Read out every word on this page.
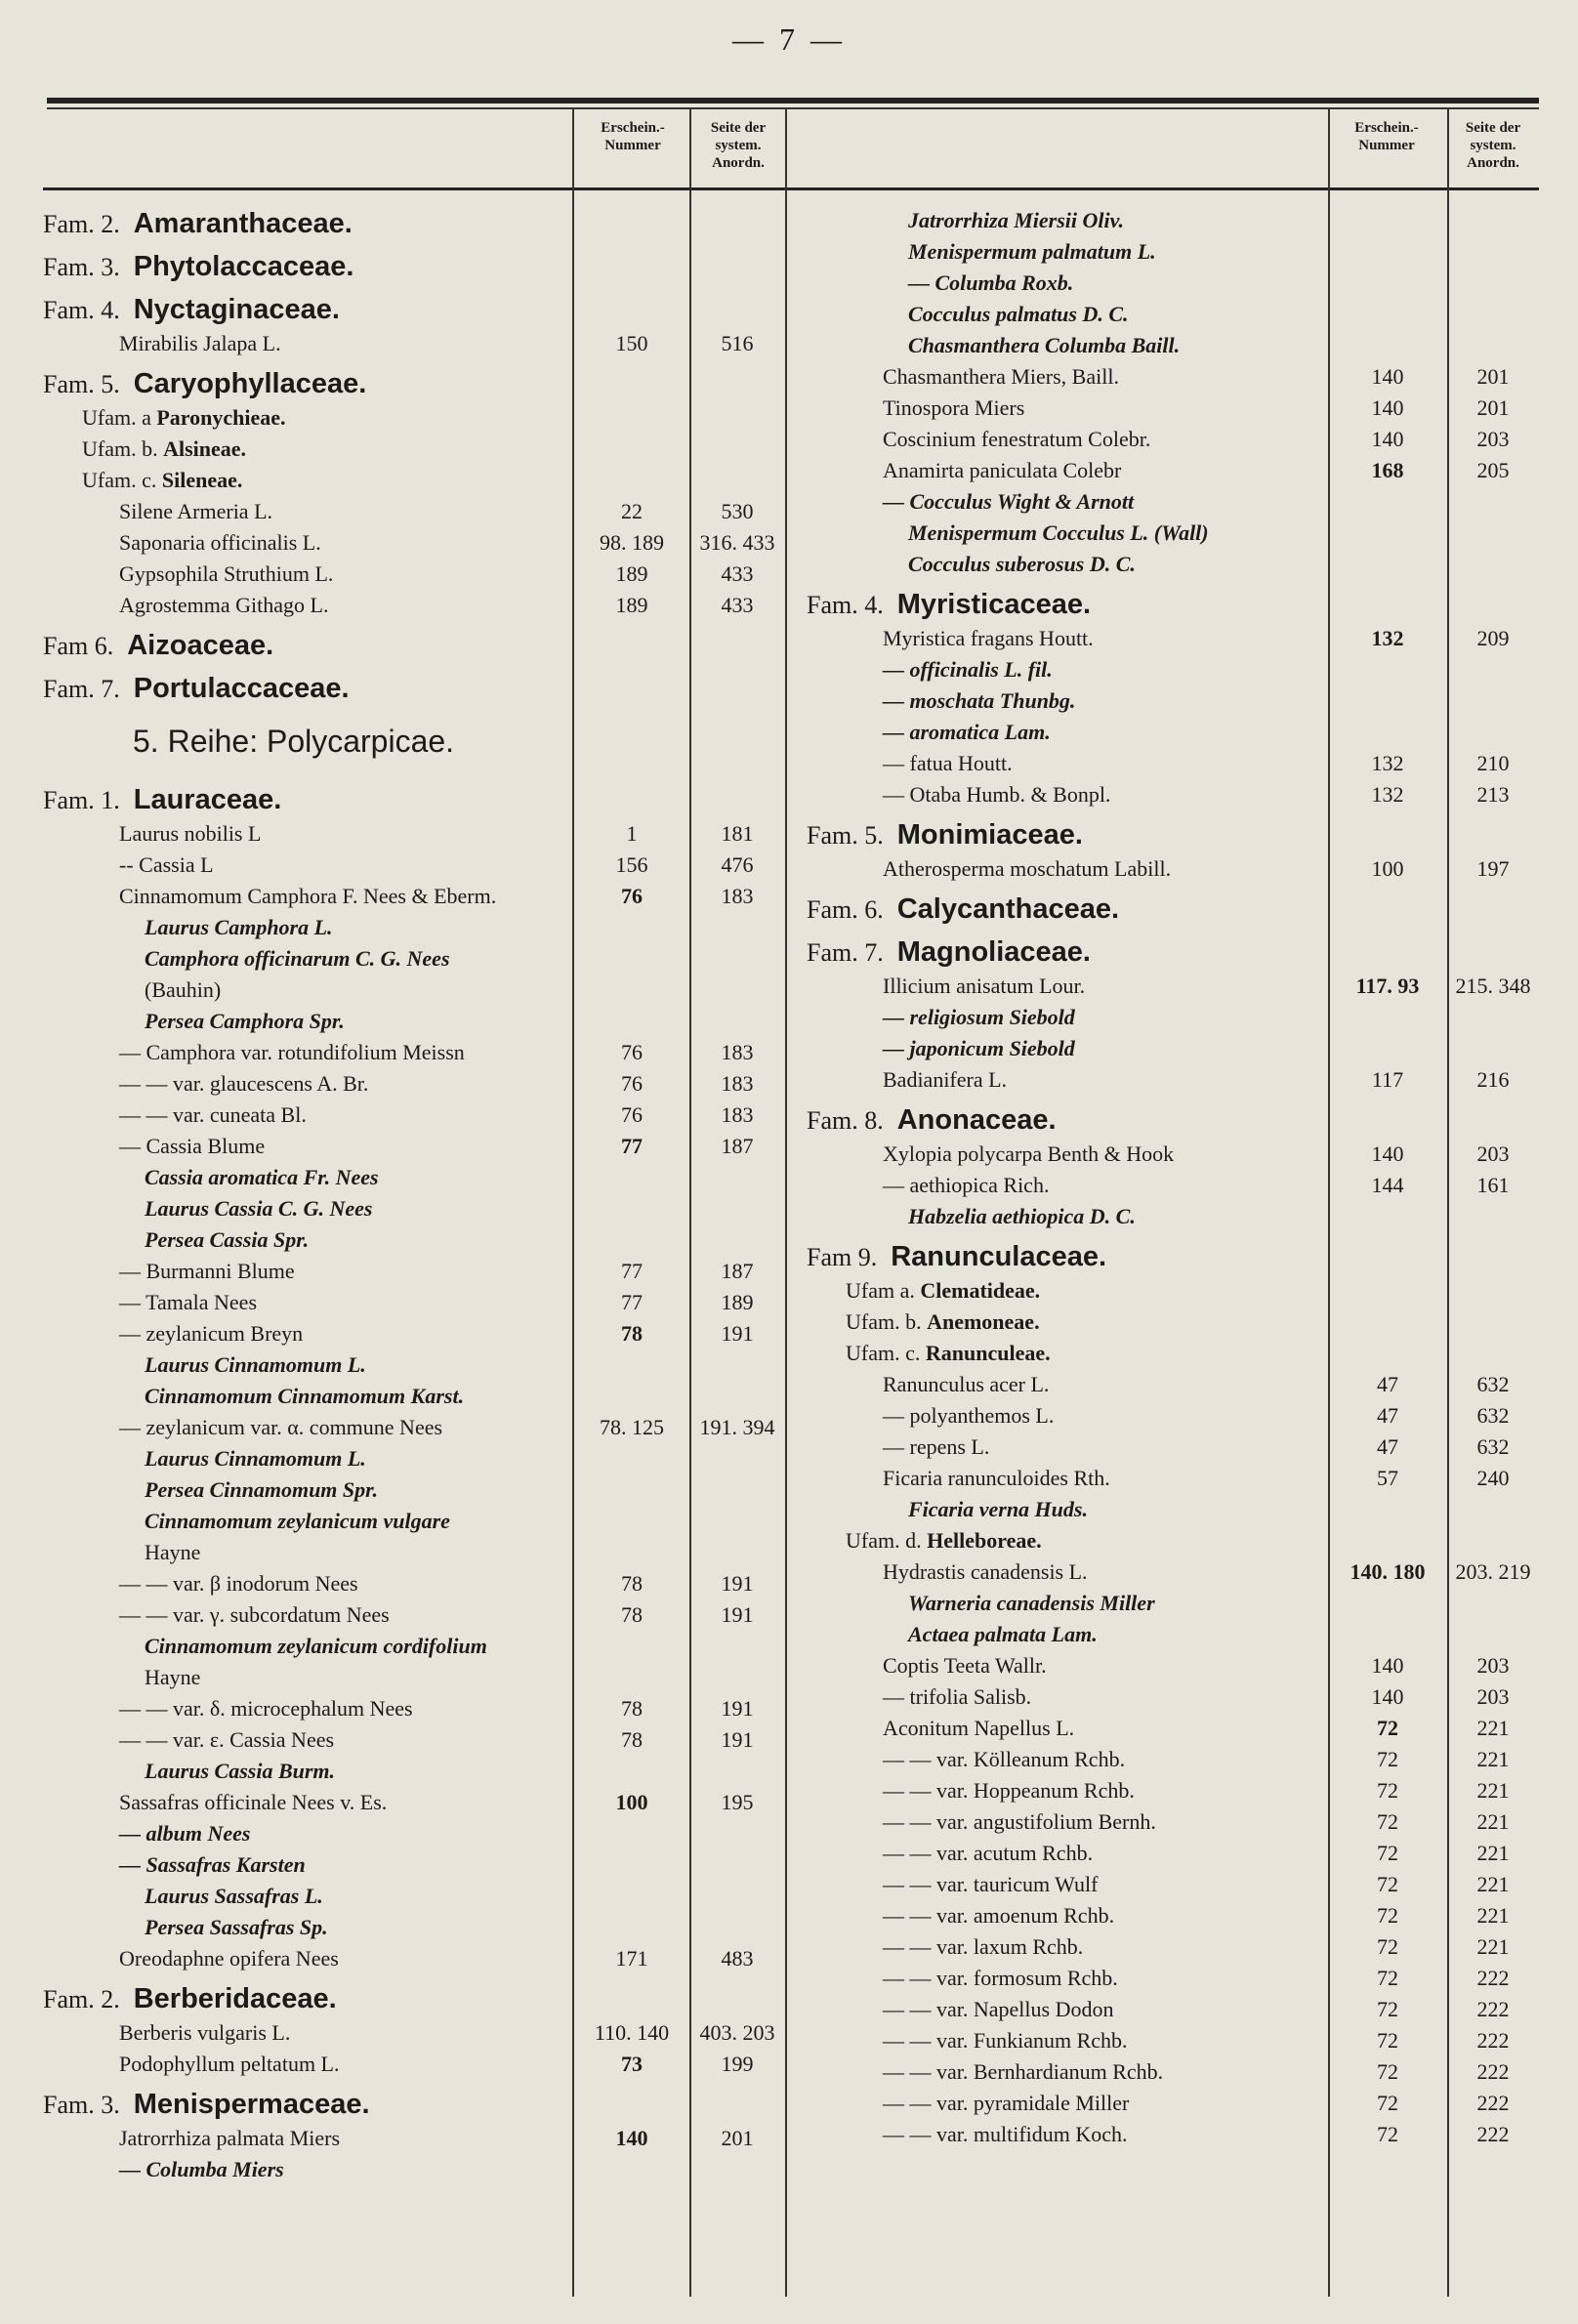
— 7 —
Erschein.- Nummer
Seite der system. Anordn.
Erschein.- Nummer
Seite der system. Anordn.
Fam. 2. Amaranthaceae.
Fam. 3. Phytolaccaceae.
Fam. 4. Nyctaginaceae.
Mirabilis Jalapa L.	150	516
Fam. 5. Caryophyllaceae.
Ufam. a Paronychieae.
Ufam. b. Alsineae.
Ufam. c. Sileneae.
Silene Armeria L.	22	530
Saponaria officinalis L.	98. 189	316. 433
Gypsophila Struthium L.	189	433
Agrostemma Githago L.	189	433
Fam 6. Aizoaceae.
Fam. 7. Portulaccaceae.
5. Reihe: Polycarpicae.
Fam. 1. Lauraceae.
Laurus nobilis L	1	181
-- Cassia L	156	476
Cinnamomum Camphora F. Nees & Eberm.	76	183
Laurus Camphora L.
Camphora officinarum C. G. Nees
(Bauhin)
Persea Camphora Spr.
— Camphora var. rotundifolium Meissn	76	183
— — var. glaucescens A. Br.	76	183
— — var. cuneata Bl.	76	183
— Cassia Blume	77	187
Cassia aromatica Fr. Nees
Laurus Cassia C. G. Nees
Persea Cassia Spr.
— Burmanni Blume	77	187
— Tamala Nees	77	189
— zeylanicum Breyn	78	191
Laurus Cinnamomum L.
Cinnamomum Cinnamomum Karst.
— zeylanicum var. α. commune Nees	78. 125	191. 394
Laurus Cinnamomum L.
Persea Cinnamomum Spr.
Cinnamomum zeylanicum vulgare
Hayne
— — var. β inodorum Nees	78	191
— — var. γ. subcordatum Nees	78	191
Cinnamomum zeylanicum cordifolium
Hayne
— — var. δ. microcephalum Nees	78	191
— — var. ε. Cassia Nees	78	191
Laurus Cassia Burm.
Sassafras officinale Nees v. Es.	100	195
— album Nees
— Sassafras Karsten
Laurus Sassafras L.
Persea Sassafras Sp.
Oreodaphne opifera Nees	171	483
Fam. 2. Berberidaceae.
Berberis vulgaris L.	110. 140	403. 203
Podophyllum peltatum L.	73	199
Fam. 3. Menispermaceae.
Jatrorrhiza palmata Miers	140	201
— Columba Miers
Jatrorrhiza Miersii Oliv.
Menispermum palmatum L.
— Columba Roxb.
Cocculus palmatus D. C.
Chasmanthera Columba Baill.
Chasmanthera Miers, Baill.	140	201
Tinospora Miers	140	201
Coscinium fenestratum Colebr.	140	203
Anamirta paniculata Colebr	168	205
— Cocculus Wight & Arnott
Menispermum Cocculus L. (Wall)
Cocculus suberosus D. C.
Fam. 4. Myristicaceae.
Myristica fragans Houtt.	132	209
— officinalis L. fil.
— moschata Thunbg.
— aromatica Lam.
— fatua Houtt.	132	210
— Otaba Humb. & Bonpl.	132	213
Fam. 5. Monimiaceae.
Atherosperma moschatum Labill.	100	197
Fam. 6. Calycanthaceae.
Fam. 7. Magnoliaceae.
Illicium anisatum Lour.	117. 93	215. 348
— religiosum Siebold
— japonicum Siebold
Badianifera L.	117	216
Fam. 8. Anonaceae.
Xylopia polycarpa Benth & Hook	140	203
— aethiopica Rich.	144	161
Habzelia aethiopica D. C.
Fam 9. Ranunculaceae.
Ufam a. Clematideae.
Ufam. b. Anemoneae.
Ufam. c. Ranunculeae.
Ranunculus acer L.	47	632
— polyanthemos L.	47	632
— repens L.	47	632
Ficaria ranunculoides Rth.	57	240
Ficaria verna Huds.
Ufam. d. Helleboreae.
Hydrastis canadensis L.	140. 180	203. 219
Warneria canadensis Miller
Actaea palmata Lam.
Coptis Teeta Wallr.	140	203
— trifolia Salisb.	140	203
Aconitum Napellus L.	72	221
— — var. Kölleanum Rchb.	72	221
— — var. Hoppeanum Rchb.	72	221
— — var. angustifolium Bernh.	72	221
— — var. acutum Rchb.	72	221
— — var. tauricum Wulf	72	221
— — var. amoenum Rchb.	72	221
— — var. laxum Rchb.	72	221
— — var. formosum Rchb.	72	222
— — var. Napellus Dodon	72	222
— — var. Funkianum Rchb.	72	222
— — var. Bernhardianum Rchb.	72	222
— — var. pyramidale Miller	72	222
— — var. multifidum Koch.	72	222
